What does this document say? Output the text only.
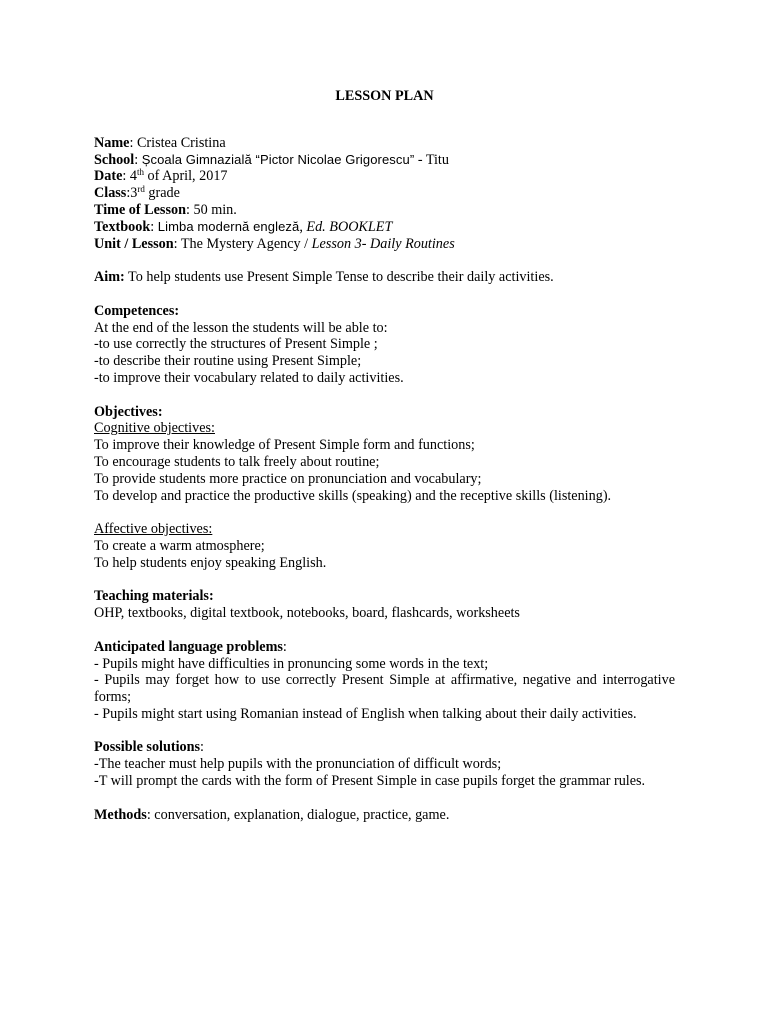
LESSON PLAN

Name: Cristea Cristina

School: Școala Gimnazială “Pictor Nicolae Grigorescu” - Titu

Date: 4th of April, 2017

Class:3rd grade

Time of Lesson: 50 min.

Textbook: Limba modernă engleză, Ed. BOOKLET

Unit / Lesson: The Mystery Agency / Lesson 3- Daily Routines

Aim: To help students use Present Simple Tense to describe their daily activities.

Competences:

At the end of the lesson the students will be able to:

-to use correctly the structures of Present Simple ;

-to describe their routine using Present Simple;

-to improve their vocabulary related to daily activities.

Objectives:

Cognitive objectives:

To improve their knowledge of Present Simple form and functions;

To encourage students to talk freely about routine;

To provide students more practice on pronunciation and vocabulary;

To develop and practice the productive skills (speaking) and the receptive skills (listening).

Affective objectives:

To create a warm atmosphere;

To help students enjoy speaking English.

Teaching materials:

OHP, textbooks, digital textbook, notebooks, board, flashcards, worksheets

Anticipated language problems:

- Pupils might have difficulties in pronuncing some words in the text;

- Pupils may forget how to use correctly Present Simple at affirmative, negative and interrogative forms;

- Pupils might start using Romanian instead of English when talking about their daily activities.

Possible solutions:

-The teacher must help pupils with the pronunciation of difficult words;

-T will prompt the cards with the form of Present Simple in case pupils forget the grammar rules.

Methods: conversation, explanation, dialogue, practice, game.
